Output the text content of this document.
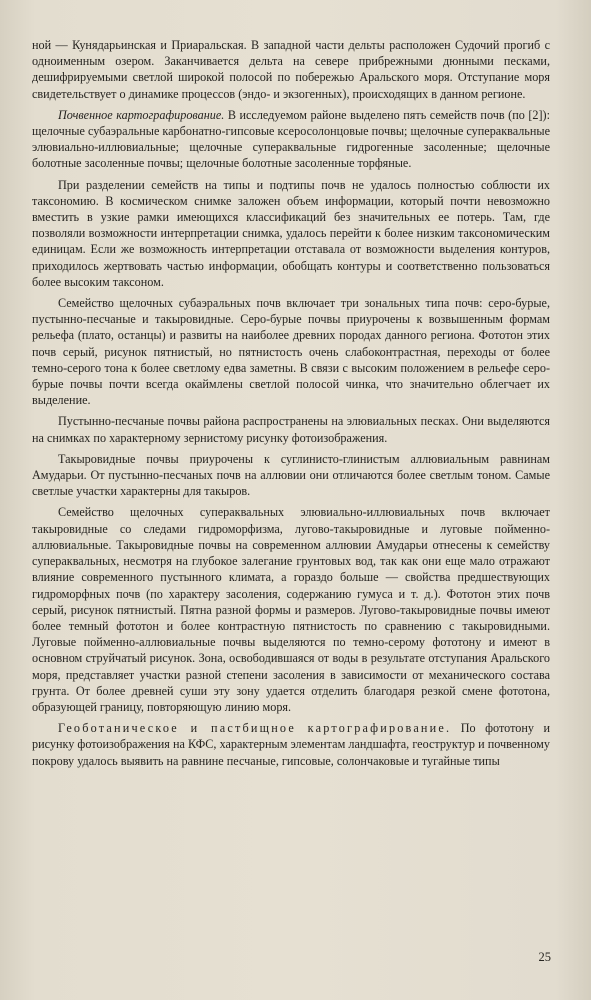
ной — Кунядарьинская и Приаральская. В западной части дельты расположен Судочий прогиб с одноименным озером. Заканчивается дельта на севере прибрежными дюнными песками, дешифрируемыми светлой широкой полосой по побережью Аральского моря. Отступание моря свидетельствует о динамике процессов (эндо- и экзогенных), происходящих в данном регионе.

Почвенное картографирование. В исследуемом районе выделено пять семейств почв (по [2]): щелочные субаэральные карбонатно-гипсовые ксеросолонцовые почвы; щелочные супераквальные элювиально-иллювиальные; щелочные супераквальные гидрогенные засоленные; щелочные болотные засоленные почвы; щелочные болотные засоленные торфяные.

При разделении семейств на типы и подтипы почв не удалось полностью соблюсти их таксономию. В космическом снимке заложен объем информации, который почти невозможно вместить в узкие рамки имеющихся классификаций без значительных ее потерь. Там, где позволяли возможности интерпретации снимка, удалось перейти к более низким таксономическим единицам. Если же возможность интерпретации отставала от возможности выделения контуров, приходилось жертвовать частью информации, обобщать контуры и соответственно пользоваться более высоким таксоном.

Семейство щелочных субаэральных почв включает три зональных типа почв: серо-бурые, пустынно-песчаные и такыровидные. Серо-бурые почвы приурочены к возвышенным формам рельефа (плато, останцы) и развиты на наиболее древних породах данного региона. Фототон этих почв серый, рисунок пятнистый, но пятнистость очень слабоконтрастная, переходы от более темно-серого тона к более светлому едва заметны. В связи с высоким положением в рельефе серо-бурые почвы почти всегда окаймлены светлой полосой чинка, что значительно облегчает их выделение.

Пустынно-песчаные почвы района распространены на элювиальных песках. Они выделяются на снимках по характерному зернистому рисунку фотоизображения.

Такыровидные почвы приурочены к суглинисто-глинистым аллювиальным равнинам Амударьи. От пустынно-песчаных почв на аллювии они отличаются более светлым тоном. Самые светлые участки характерны для такыров.

Семейство щелочных супераквальных элювиально-иллювиальных почв включает такыровидные со следами гидроморфизма, лугово-такыровидные и луговые пойменно-аллювиальные. Такыровидные почвы на современном аллювии Амударьи отнесены к семейству супераквальных, несмотря на глубокое залегание грунтовых вод, так как они еще мало отражают влияние современного пустынного климата, а гораздо больше — свойства предшествующих гидроморфных почв (по характеру засоления, содержанию гумуса и т. д.). Фототон этих почв серый, рисунок пятнистый. Пятна разной формы и размеров. Лугово-такыровидные почвы имеют более темный фототон и более контрастную пятнистость по сравнению с такыровидными. Луговые пойменно-аллювиальные почвы выделяются по темно-серому фототону и имеют в основном струйчатый рисунок. Зона, освободившаяся от воды в результате отступания Аральского моря, представляет участки разной степени засоления в зависимости от механического состава грунта. От более древней суши эту зону удается отделить благодаря резкой смене фототона, образующей границу, повторяющую линию моря.

Геоботаническое и пастбищное картографирование. По фототону и рисунку фотоизображения на КФС, характерным элементам ландшафта, геоструктур и почвенному покрову удалось выявить на равнине песчаные, гипсовые, солончаковые и тугайные типы

25
